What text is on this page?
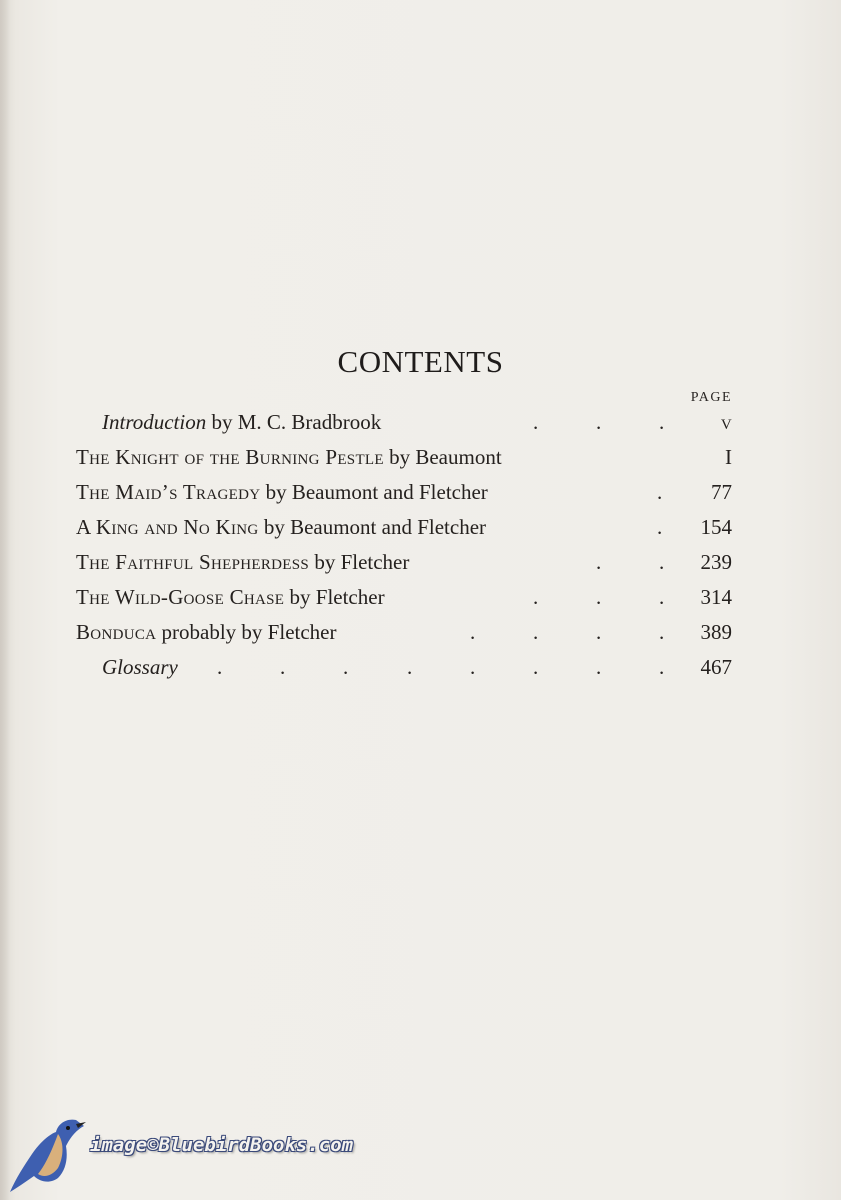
CONTENTS
PAGE
Introduction by M. C. Bradbrook	.	.	.	v
The Knight of the Burning Pestle by Beaumont	I
The Maid’s Tragedy by Beaumont and Fletcher	. 77
A King and No King by Beaumont and Fletcher	. 154
The Faithful Shepherdess by Fletcher	.	. 239
The Wild-Goose Chase by Fletcher	.	.	. 314
Bonduca probably by Fletcher	.	.	.	. 389
Glossary .	.	.	.	.	.	.	. 467
image©BluebirdBooks.com
